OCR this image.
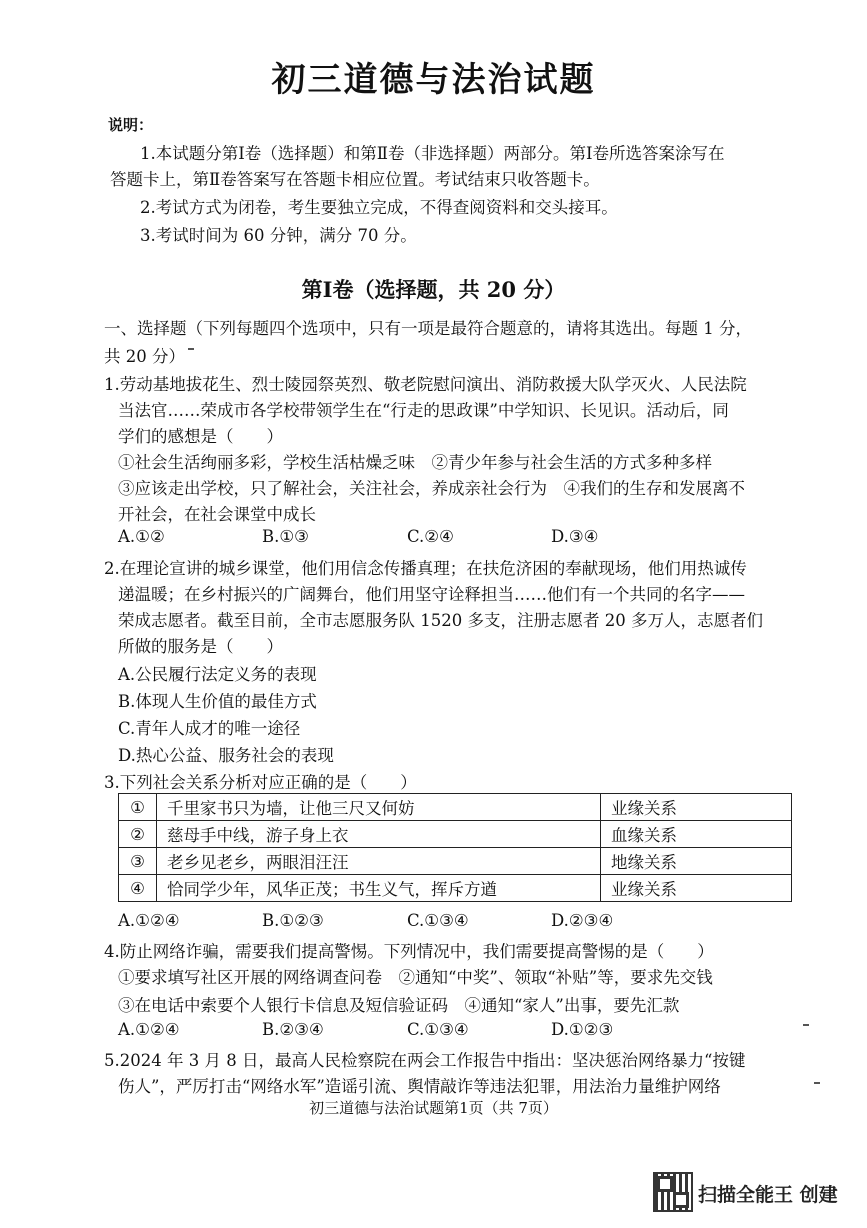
初三道德与法治试题
说明：
1.本试题分第Ⅰ卷（选择题）和第Ⅱ卷（非选择题）两部分。第Ⅰ卷所选答案涂写在
答题卡上，第Ⅱ卷答案写在答题卡相应位置。考试结束只收答题卡。
2.考试方式为闭卷，考生要独立完成，不得查阅资料和交头接耳。
3.考试时间为 60 分钟，满分 70 分。
第Ⅰ卷（选择题，共 20 分）
一、选择题（下列每题四个选项中，只有一项是最符合题意的，请将其选出。每题 1 分，
共 20 分）
1.劳动基地拔花生、烈士陵园祭英烈、敬老院慰问演出、消防救援大队学灭火、人民法院
当法官……荣成市各学校带领学生在“行走的思政课”中学知识、长见识。活动后，同
学们的感想是（　　）
①社会生活绚丽多彩，学校生活枯燥乏味　②青少年参与社会生活的方式多种多样
③应该走出学校，只了解社会，关注社会，养成亲社会行为　④我们的生存和发展离不
开社会，在社会课堂中成长
A.①②	B.①③	C.②④	D.③④
2.在理论宣讲的城乡课堂，他们用信念传播真理；在扶危济困的奉献现场，他们用热诚传
递温暖；在乡村振兴的广阔舞台，他们用坚守诠释担当……他们有一个共同的名字——
荣成志愿者。截至目前，全市志愿服务队 1520 多支，注册志愿者 20 多万人，志愿者们
所做的服务是（　　）
A.公民履行法定义务的表现
B.体现人生价值的最佳方式
C.青年人成才的唯一途径
D.热心公益、服务社会的表现
3.下列社会关系分析对应正确的是（　　）
①	千里家书只为墙，让他三尺又何妨	业缘关系
②	慈母手中线，游子身上衣	血缘关系
③	老乡见老乡，两眼泪汪汪	地缘关系
④	恰同学少年，风华正茂；书生义气，挥斥方遒	业缘关系
A.①②④	B.①②③	C.①③④	D.②③④
4.防止网络诈骗，需要我们提高警惕。下列情况中，我们需要提高警惕的是（　　）
①要求填写社区开展的网络调查问卷　②通知“中奖”、领取“补贴”等，要求先交钱
③在电话中索要个人银行卡信息及短信验证码　④通知“家人”出事，要先汇款
A.①②④	B.②③④	C.①③④	D.①②③
5.2024 年 3 月 8 日，最高人民检察院在两会工作报告中指出：坚决惩治网络暴力“按键
伤人”，严厉打击“网络水军”造谣引流、舆情敲诈等违法犯罪，用法治力量维护网络
初三道德与法治试题第1页（共 7页）
扫描全能王 创建
